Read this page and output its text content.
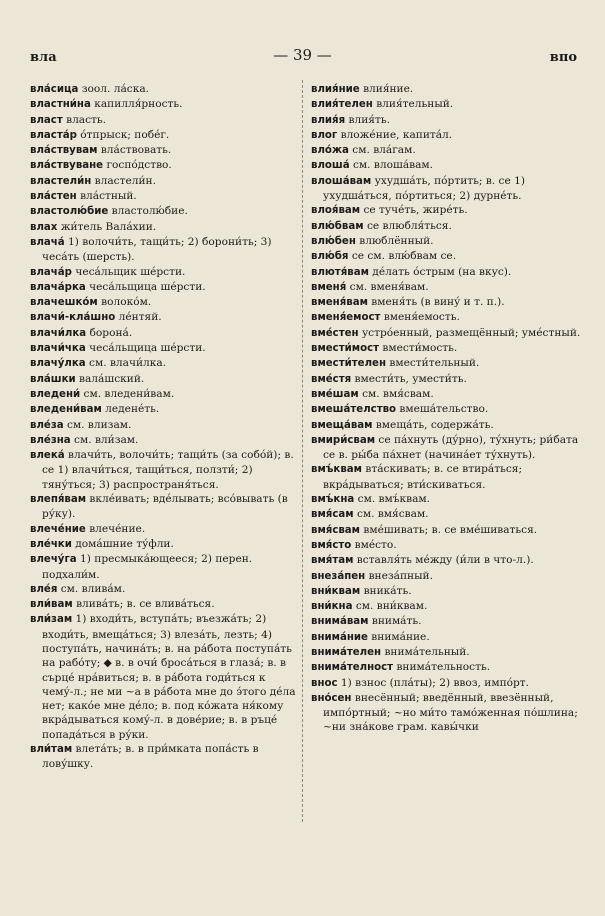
вла	— 39 —	впо

вла́сица зоол. ла́ска.

властни́на капилля́рность.

власт власть.

власта́р о́тпрыск; побе́г.

вла́ствувам вла́ствовать.

вла́ствуване госпо́дство.

властели́н властели́н.

вла́стен вла́стный.

властолю́бие властолю́бие.

влах жи́тель Вала́хии.

влача́ 1) волочи́ть, тащи́ть; 2) борони́ть; 3) чеса́ть (шерсть).

влача́р чеса́льщик ше́рсти.

влача́рка чеса́льщица ше́рсти.

влачешко́м волоко́м.

влачи́-кла́шно ле́нтяй.

влачи́лка борона́.

влачи́чка чеса́льщица ше́рсти.

влачу́лка см. влачи́лка.

вла́шки вала́шский.

вледени́ см. вледени́вам.

вледени́вам ледене́ть.

вле́за см. влизам.

вле́зна см. вли́зам.

влека́ влачи́ть, волочи́ть; тащи́ть (за собо́й); в. се 1) влачи́ться, тащи́ться, ползти́; 2) тяну́ться; 3) распространя́ться.

влепя́вам вкле́ивать; вде́лывать; всо́вывать (в ру́ку).

влече́ние влече́ние.

вле́чки дома́шние ту́фли.

влечу́га 1) пресмыка́ющееся; 2) перен. подхали́м.

вле́я см. влива́м.

вли́вам влива́ть; в. се влива́ться.

вли́зам 1) входи́ть, вступа́ть; въезжа́ть; 2) входи́ть, вмеща́ться; 3) влеза́ть, лезть; 4) поступа́ть, начина́ть; в. на ра́бота поступа́ть на рабо́ту; ◆ в. в очи́ броса́ться в глаза́; в. в сърце́ нра́виться; в. в ра́бота годи́ться к чему́-л.; не ми ~а в ра́бота мне до э́того де́ла нет; како́е мне де́ло; в. под ко́жата ня́кому вкра́дываться кому́-л. в дове́рие; в. в ръце́ попада́ться в ру́ки.

вли́там влета́ть; в. в при́мката попа́сть в лову́шку.

влия́ние влия́ние.

влия́телен влия́тельный.

влия́я влия́ть.

влог вложе́ние, капита́л.

вло́жа см. вла́гам.

влоша́ см. влоша́вам.

влоша́вам ухудша́ть, по́ртить; в. се 1) ухудша́ться, по́ртиться; 2) дурне́ть.

влоя́вам се туче́ть, жире́ть.

влю́бвам се влюбля́ться.

влю́бен влюблённый.

влю́бя се см. влю́бвам се.

влютя́вам де́лать о́стрым (на вкус).

вменя́ см. вменя́вам.

вменя́вам вменя́ть (в вину́ и т. п.).

вменя́емост вменя́емость.

вме́стен устро́енный, размещённый; уме́стный.

вмести́мост вмести́мость.

вмести́телен вмести́тельный.

вме́стя вмести́ть, умести́ть.

вме́шам см. вмя́свам.

вмеша́телство вмеша́тельство.

вмеща́вам вмеща́ть, содержа́ть.

вмири́свам се па́хнуть (ду́рно), ту́хнуть; ри́бата се в. ры́ба па́хнет (начина́ет ту́хнуть).

вмъ́квам вта́скивать; в. се втира́ться; вкра́дываться; вти́скиваться.

вмъ́кна см. вмъ́квам.

вмя́сам см. вмя́свам.

вмя́свам вме́шивать; в. се вме́шиваться.

вмя́сто вме́сто.

вмя́там вставля́ть ме́жду (и́ли в что-л.).

внеза́пен внеза́пный.

вни́квам вника́ть.

вни́кна см. вни́квам.

внима́вам внима́ть.

внима́ние внима́ние.

внима́телен внима́тельный.

внима́телност внима́тельность.

внос 1) взнос (пла́ты); 2) ввоз, импо́рт.

вно́сен внесённый; введённый, ввезённый, импо́ртный; ~но ми́то тамо́женная по́шлина; ~ни зна́кове грам. кавы́чки
